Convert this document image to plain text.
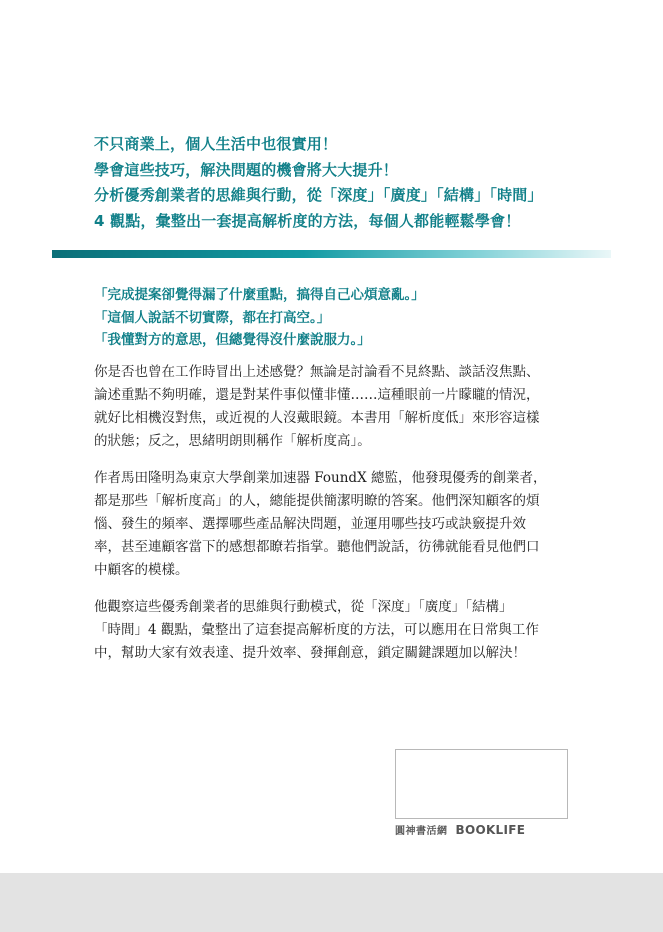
不只商業上，個人生活中也很實用！
學會這些技巧，解決問題的機會將大大提升！
分析優秀創業者的思維與行動，從「深度」「廣度」「結構」「時間」
4 觀點，彙整出一套提高解析度的方法，每個人都能輕鬆學會！
「完成提案卻覺得漏了什麼重點，搞得自己心煩意亂。」
「這個人說話不切實際，都在打高空。」
「我懂對方的意思，但總覺得沒什麼說服力。」
你是否也曾在工作時冒出上述感覺？無論是討論看不見終點、談話沒焦點、
論述重點不夠明確，還是對某件事似懂非懂……這種眼前一片矇矓的情況，
就好比相機沒對焦，或近視的人沒戴眼鏡。本書用「解析度低」來形容這樣
的狀態；反之，思緒明朗則稱作「解析度高」。
作者馬田隆明為東京大學創業加速器 FoundX 總監，他發現優秀的創業者，
都是那些「解析度高」的人，總能提供簡潔明瞭的答案。他們深知顧客的煩
惱、發生的頻率、選擇哪些產品解決問題，並運用哪些技巧或訣竅提升效
率，甚至連顧客當下的感想都瞭若指掌。聽他們說話，彷彿就能看見他們口
中顧客的模樣。
他觀察這些優秀創業者的思維與行動模式，從「深度」「廣度」「結構」
「時間」4 觀點，彙整出了這套提高解析度的方法，可以應用在日常與工作
中，幫助大家有效表達、提升效率、發揮創意，鎖定關鍵課題加以解決！
圓神書活網 BOOKLIFE
